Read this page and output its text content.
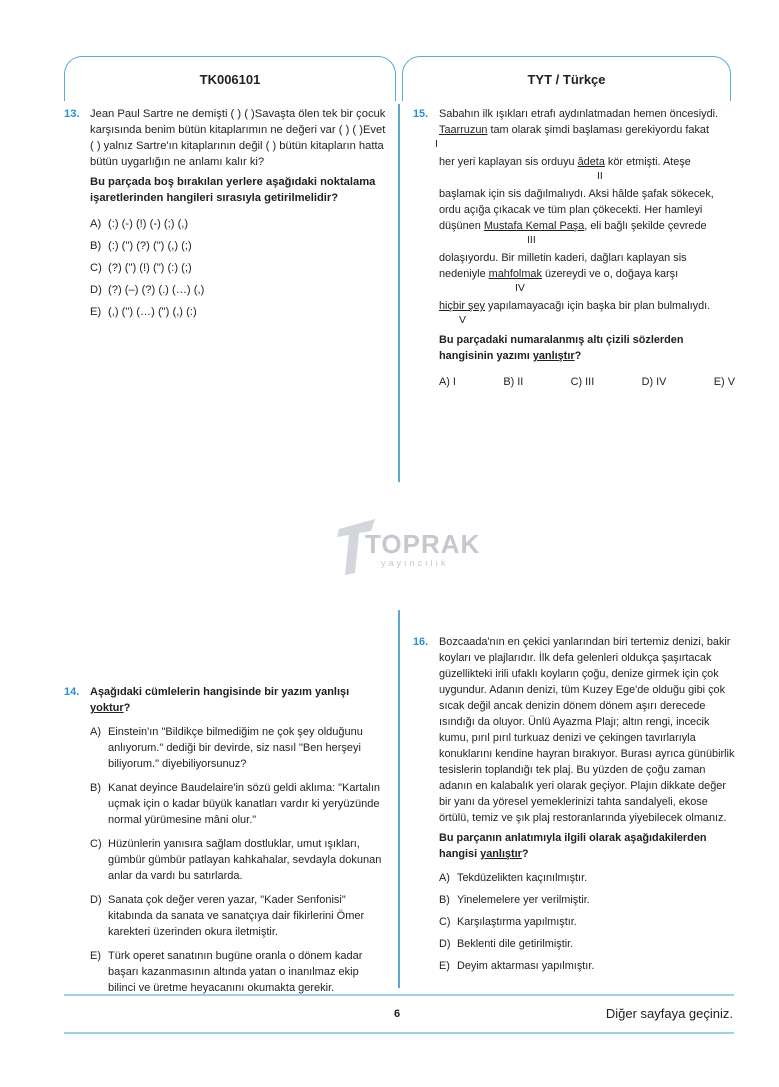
TK006101	TYT / Türkçe
13. Jean Paul Sartre ne demişti ( ) ( )Savaşta ölen tek bir çocuk karşısında benim bütün kitaplarımın ne değeri var ( ) ( )Evet ( ) yalnız Sartre'ın kitaplarının değil ( ) bütün kitapların hatta bütün uygarlığın ne anlamı kalır ki?

Bu parçada boş bırakılan yerlere aşağıdaki noktalama işaretlerinden hangileri sırasıyla getirilmelidir?

A) (:) (-) (!) (-) (;) (,)
B) (:) (") (?) (") (,) (;)
C) (?) (") (!) (") (:) (;)
D) (?) (–) (?) (.) (…) (,)
E) (,) (") (…) (") (,) (:)
15. Sabahın ilk ışıkları etrafı aydınlatmadan hemen öncesiydi.

Taarruzun tam olarak şimdi başlaması gerekiyordu fakat

I

her yeri kaplayan sis orduyu âdeta kör etmişti. Ateşe

II

başlamak için sis dağılmalıydı. Aksi hâlde şafak sökecek,

ordu açığa çıkacak ve tüm plan çökecekti. Her hamleyi

düşünen Mustafa Kemal Paşa, eli bağlı şekilde çevrede

III

dolaşıyordu. Bir milletin kaderi, dağları kaplayan sis

nedeniyle mahfolmak üzereydi ve o, doğaya karşı

IV

hiçbir şey yapılamayacağı için başka bir plan bulmalıydı.

V

Bu parçadaki numaralanmış altı çizili sözlerden hangisinin yazımı yanlıştır?

A) I	B) II	C) III	D) IV	E) V
TOPRAK
yayıncılık
14. Aşağıdaki cümlelerin hangisinde bir yazım yanlışı yoktur?

A) Einstein'ın "Bildikçe bilmediğim ne çok şey olduğunu anlıyorum." dediği bir devirde, siz nasıl "Ben herşeyi biliyorum." diyebiliyorsunuz?
B) Kanat deyince Baudelaire'in sözü geldi aklıma: "Kartalın uçmak için o kadar büyük kanatları vardır ki yeryüzünde normal yürümesine mâni olur."
C) Hüzünlerin yanısıra sağlam dostluklar, umut ışıkları, gümbür gümbür patlayan kahkahalar, sevdayla dokunan anlar da vardı bu satırlarda.
D) Sanata çok değer veren yazar, "Kader Senfonisi" kitabında da sanata ve sanatçıya dair fikirlerini Ömer karekteri üzerinden okura iletmiştir.
E) Türk operet sanatının bugüne oranla o dönem kadar başarı kazanmasının altında yatan o inanılmaz ekip bilinci ve üretme heyacanını okumakta gerekir.
16. Bozcaada'nın en çekici yanlarından biri tertemiz denizi, bakir koyları ve plajlarıdır. İlk defa gelenleri oldukça şaşırtacak güzellikteki irili ufaklı koyların çoğu, denize girmek için çok uygundur. Adanın denizi, tüm Kuzey Ege'de olduğu gibi çok sıcak değil ancak denizin dönem dönem aşırı derecede ısındığı da oluyor. Ünlü Ayazma Plajı; altın rengi, incecik kumu, pırıl pırıl turkuaz denizi ve çekingen tavırlarıyla konuklarını kendine hayran bırakıyor. Burası ayrıca günübirlik tesislerin toplandığı tek plaj. Bu yüzden de çoğu zaman adanın en kalabalık yeri olarak geçiyor. Plajın dikkate değer bir yanı da yöresel yemeklerinizi tahta sandalyeli, ekose örtülü, temiz ve şık plaj restoranlarında yiyebilecek olmanız.

Bu parçanın anlatımıyla ilgili olarak aşağıdakilerden hangisi yanlıştır?

A) Tekdüzelikten kaçınılmıştır.
B) Yinelemelere yer verilmiştir.
C) Karşılaştırma yapılmıştır.
D) Beklenti dile getirilmiştir.
E) Deyim aktarması yapılmıştır.
6	Diğer sayfaya geçiniz.
